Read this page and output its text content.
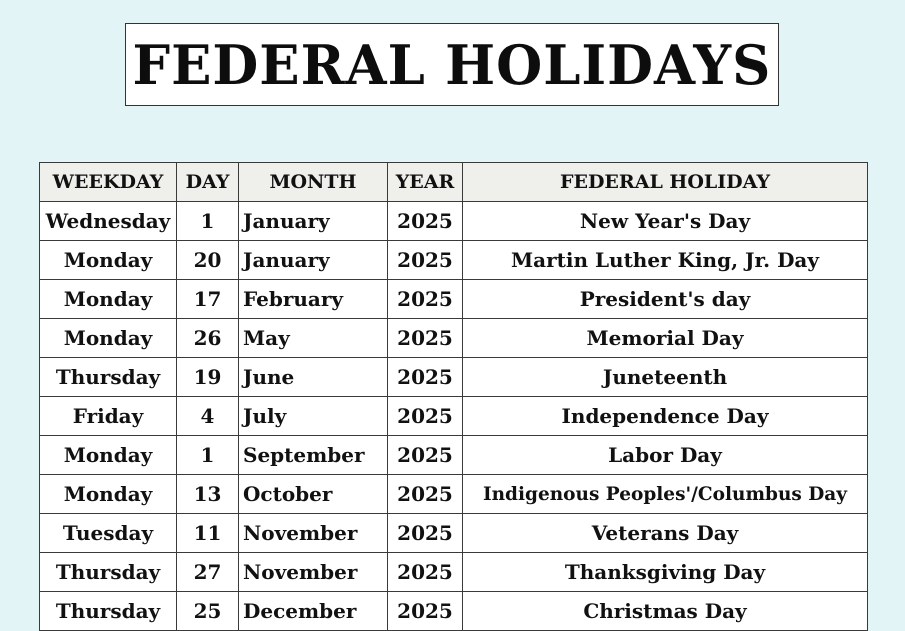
FEDERAL HOLIDAYS
WEEKDAY	DAY	MONTH	YEAR	FEDERAL HOLIDAY
Wednesday	1	January	2025	New Year's Day
Monday	20	January	2025	Martin Luther King, Jr. Day
Monday	17	February	2025	President's day
Monday	26	May	2025	Memorial Day
Thursday	19	June	2025	Juneteenth
Friday	4	July	2025	Independence Day
Monday	1	September	2025	Labor Day
Monday	13	October	2025	Indigenous Peoples'/Columbus Day
Tuesday	11	November	2025	Veterans Day
Thursday	27	November	2025	Thanksgiving Day
Thursday	25	December	2025	Christmas Day
